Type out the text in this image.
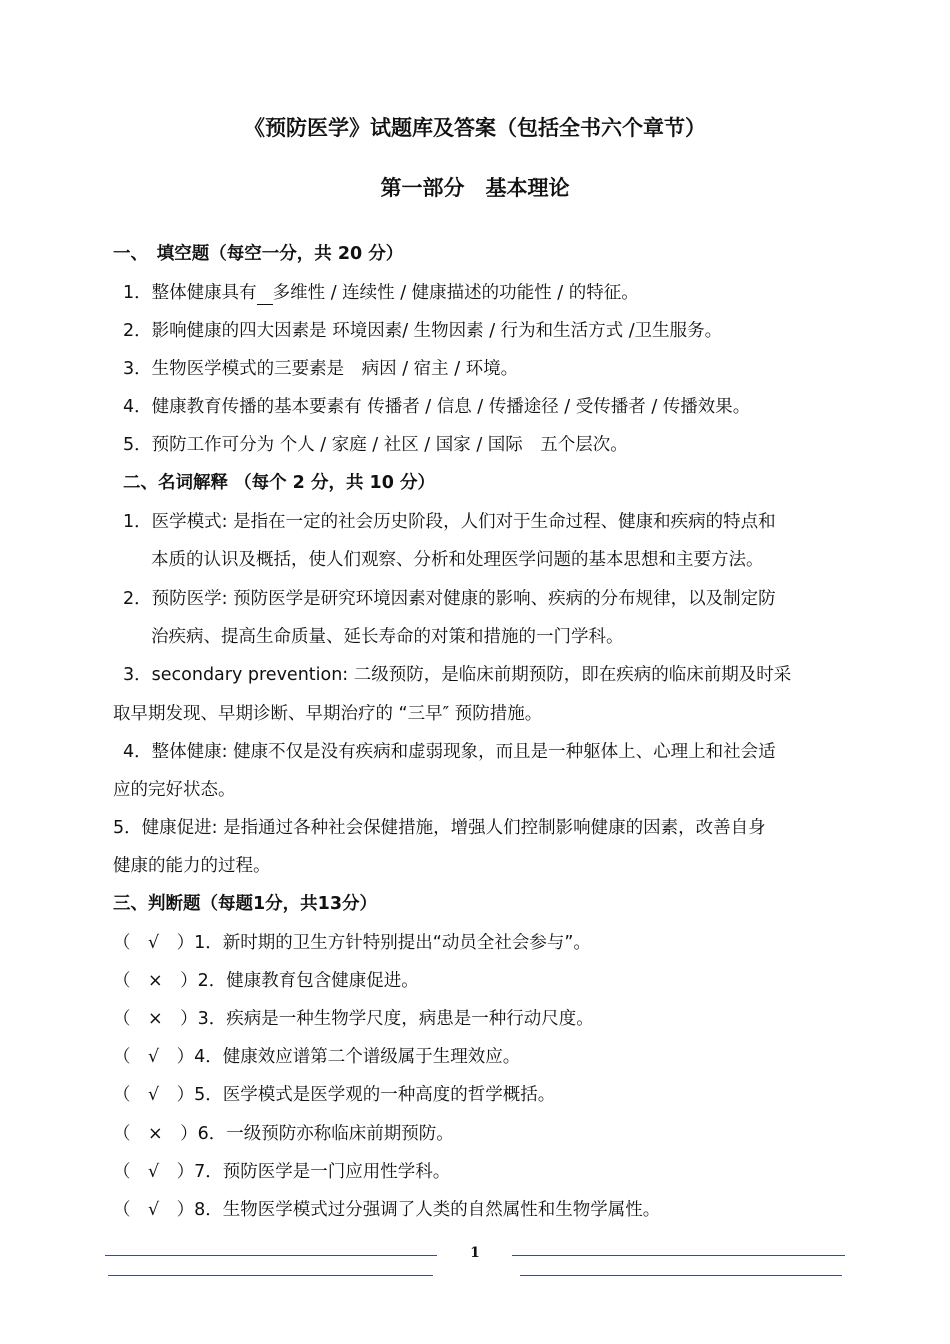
《预防医学》试题库及答案（包括全书六个章节）
第一部分　基本理论
一、　填空题（每空一分，共 20 分）
1．整体健康具有 多维性 / 连续性 / 健康描述的功能性 / 的特征。
2．影响健康的四大因素是 环境因素/ 生物因素 / 行为和生活方式 /卫生服务。
3．生物医学模式的三要素是　病因 / 宿主 / 环境。
4．健康教育传播的基本要素有 传播者 / 信息 / 传播途径 / 受传播者 / 传播效果。
5．预防工作可分为 个人 / 家庭 / 社区 / 国家 / 国际　五个层次。
二、名词解释 （每个 2 分，共 10 分）
1．医学模式: 是指在一定的社会历史阶段，人们对于生命过程、健康和疾病的特点和
本质的认识及概括，使人们观察、分析和处理医学问题的基本思想和主要方法。
2．预防医学: 预防医学是研究环境因素对健康的影响、疾病的分布规律，以及制定防
治疾病、提高生命质量、延长寿命的对策和措施的一门学科。
3．secondary prevention: 二级预防，是临床前期预防，即在疾病的临床前期及时采
取早期发现、早期诊断、早期治疗的 “三早″ 预防措施。
4．整体健康: 健康不仅是没有疾病和虚弱现象，而且是一种躯体上、心理上和社会适
应的完好状态。
5．健康促进: 是指通过各种社会保健措施，增强人们控制影响健康的因素，改善自身
健康的能力的过程。
三、判断题（每题1分，共13分）
（　√　）1．新时期的卫生方针特别提出“动员全社会参与”。
（　×　）2．健康教育包含健康促进。
（　×　）3．疾病是一种生物学尺度，病患是一种行动尺度。
（　√　）4．健康效应谱第二个谱级属于生理效应。
（　√　）5．医学模式是医学观的一种高度的哲学概括。
（　×　）6．一级预防亦称临床前期预防。
（　√　）7．预防医学是一门应用性学科。
（　√　）8．生物医学模式过分强调了人类的自然属性和生物学属性。
1
